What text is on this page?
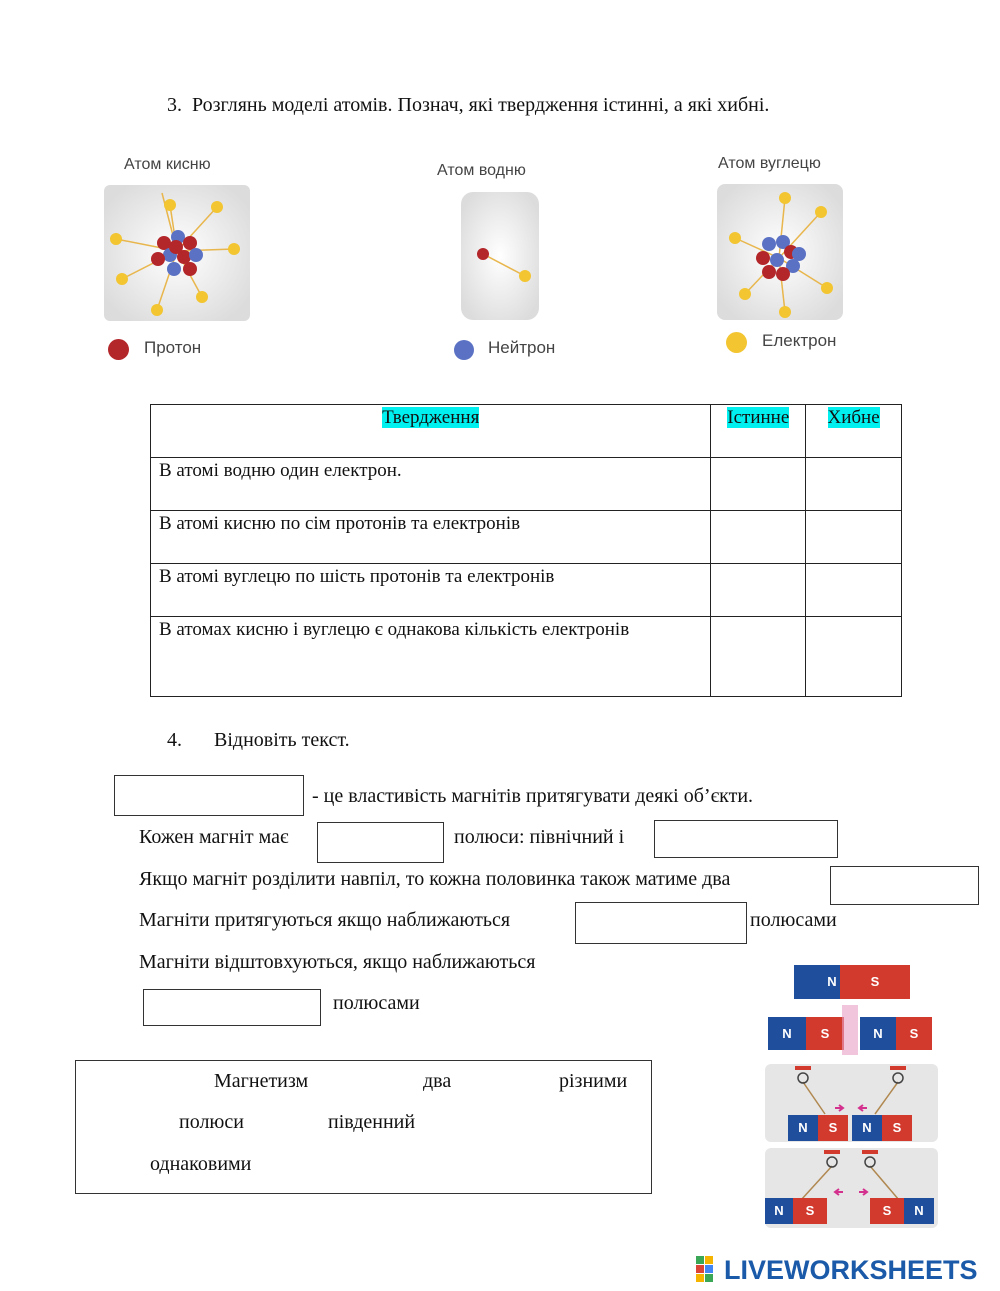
3. Розглянь моделі атомів. Познач, які твердження істинні, а які хибні.
Атом кисню	Атом водню	Атом вуглецю
Протон	Нейтрон	Електрон
Твердження	Істинне	Хибне
В атомі водню один електрон.		
В атомі кисню по сім протонів та електронів		
В атомі вуглецю по шість протонів та електронів		
В атомах кисню і вуглецю є однакова кількість електронів		
4. Відновіть текст.
- це властивість магнітів притягувати деякі об’єкти.
Кожен магніт має	полюси: північний і
Якщо магніт розділити навпіл, то кожна половинка також матиме два
Магніти притягуються якщо наближаються	полюсами
Магніти відштовхуються, якщо наближаються
полюсами
Магнетизм	два	різними
полюси	південний
однаковими
N	S
N	S	N	S
N	S	N	S
N	S	S	N
LIVEWORKSHEETS
